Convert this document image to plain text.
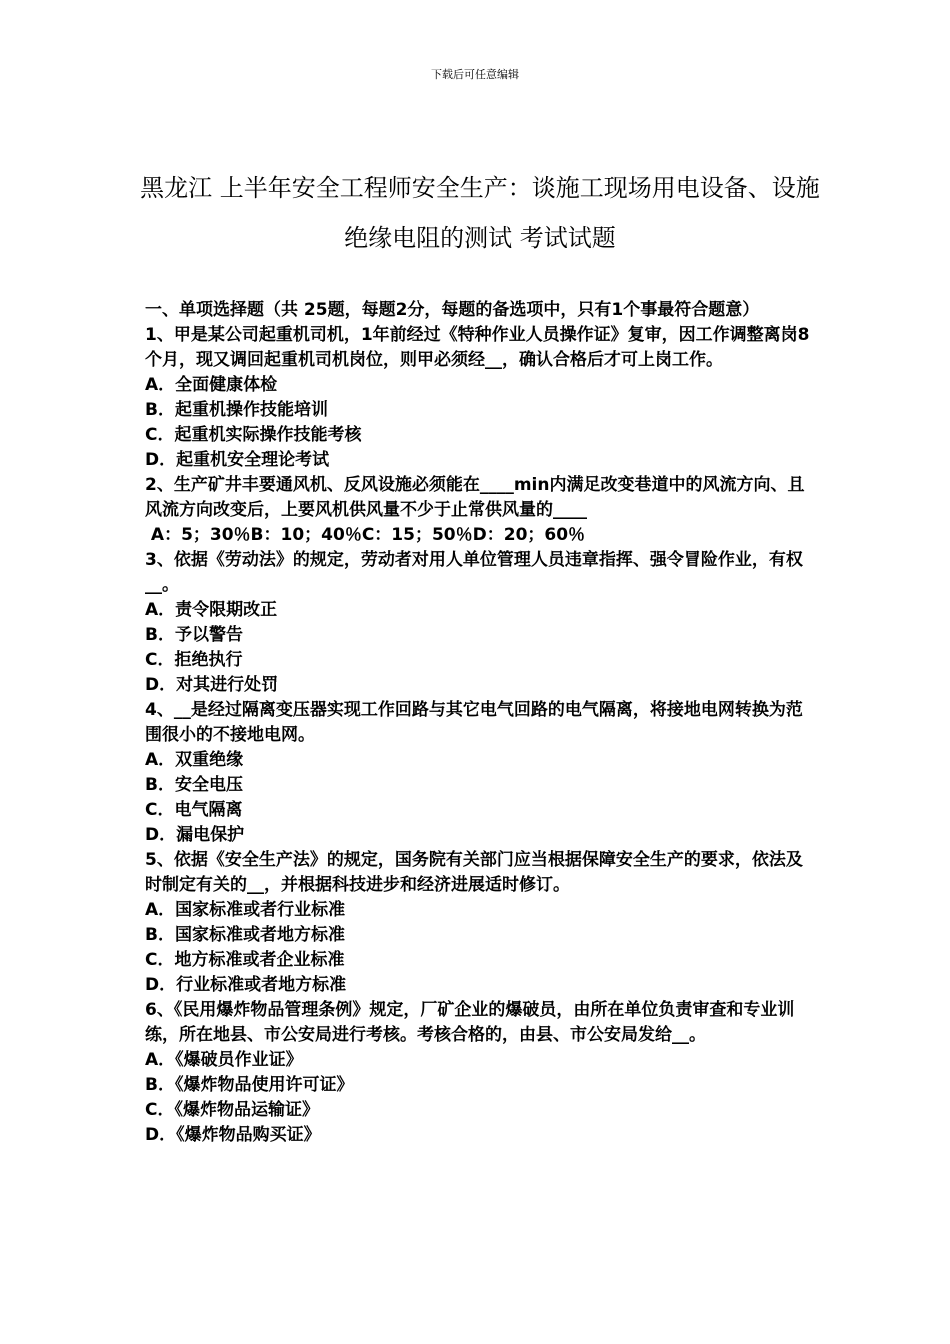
下载后可任意编辑
黑龙江 上半年安全工程师安全生产：谈施工现场用电设备、设施绝缘电阻的测试 考试试题

一、单项选择题（共 25题，每题2分，每题的备选项中，只有1个事最符合题意）

1、甲是某公司起重机司机，1年前经过《特种作业人员操作证》复审，因工作调整离岗8个月，现又调回起重机司机岗位，则甲必须经__，确认合格后才可上岗工作。

A．全面健康体检

B．起重机操作技能培训

C．起重机实际操作技能考核

D．起重机安全理论考试

2、生产矿井丰要通风机、反风设施必须能在____min内满足改变巷道中的风流方向、且风流方向改变后，上要风机供风量不少于止常供风量的____

A：5；30％B：10；40％C：15；50％D：20；60％

3、依据《劳动法》的规定，劳动者对用人单位管理人员违章指挥、强令冒险作业，有权__。

A．责令限期改正

B．予以警告

C．拒绝执行

D．对其进行处罚

4、__是经过隔离变压器实现工作回路与其它电气回路的电气隔离，将接地电网转换为范围很小的不接地电网。

A．双重绝缘

B．安全电压

C．电气隔离

D．漏电保护

5、依据《安全生产法》的规定，国务院有关部门应当根据保障安全生产的要求，依法及时制定有关的__，并根据科技进步和经济进展适时修订。

A．国家标准或者行业标准

B．国家标准或者地方标准

C．地方标准或者企业标准

D．行业标准或者地方标准

6、《民用爆炸物品管理条例》规定，厂矿企业的爆破员，由所在单位负责审查和专业训练，所在地县、市公安局进行考核。考核合格的，由县、市公安局发给__。

A．《爆破员作业证》

B．《爆炸物品使用许可证》

C．《爆炸物品运输证》

D．《爆炸物品购买证》
